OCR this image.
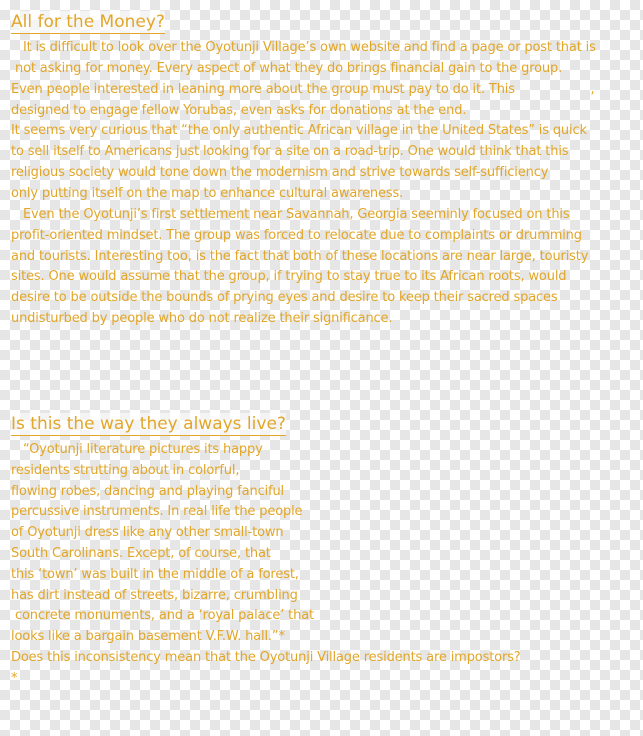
All for the Money?

It is difficult to look over the Oyotunji Village’s own website and find a page or post that is

not asking for money. Every aspect of what they do brings financial gain to the group.

Even people interested in leaning more about the group must pay to do it. This                   ,

designed to engage fellow Yorubas, even asks for donations at the end.

It seems very curious that “the only authentic African village in the United States” is quick

to sell itself to Americans just looking for a site on a road-trip. One would think that this

religious society would tone down the modernism and strive towards self-sufficiency

only putting itself on the map to enhance cultural awareness.

Even the Oyotunji’s first settlement near Savannah, Georgia seeminly focused on this

profit-oriented mindset. The group was forced to relocate due to complaints or drumming

and tourists. Interesting too, is the fact that both of these locations are near large, touristy

sites. One would assume that the group, if trying to stay true to its African roots, would

desire to be outside the bounds of prying eyes and desire to keep their sacred spaces

undisturbed by people who do not realize their significance.

Is this the way they always live?

“Oyotunji literature pictures its happy

residents strutting about in colorful,

flowing robes, dancing and playing fanciful

percussive instruments. In real life the people

of Oyotunji dress like any other small-town

South Carolinans. Except, of course, that

this ‘town’ was built in the middle of a forest,

has dirt instead of streets, bizarre, crumbling

concrete monuments, and a ‘royal palace’ that

looks like a bargain basement V.F.W. hall.”*

Does this inconsistency mean that the Oyotunji Village residents are impostors?

*
